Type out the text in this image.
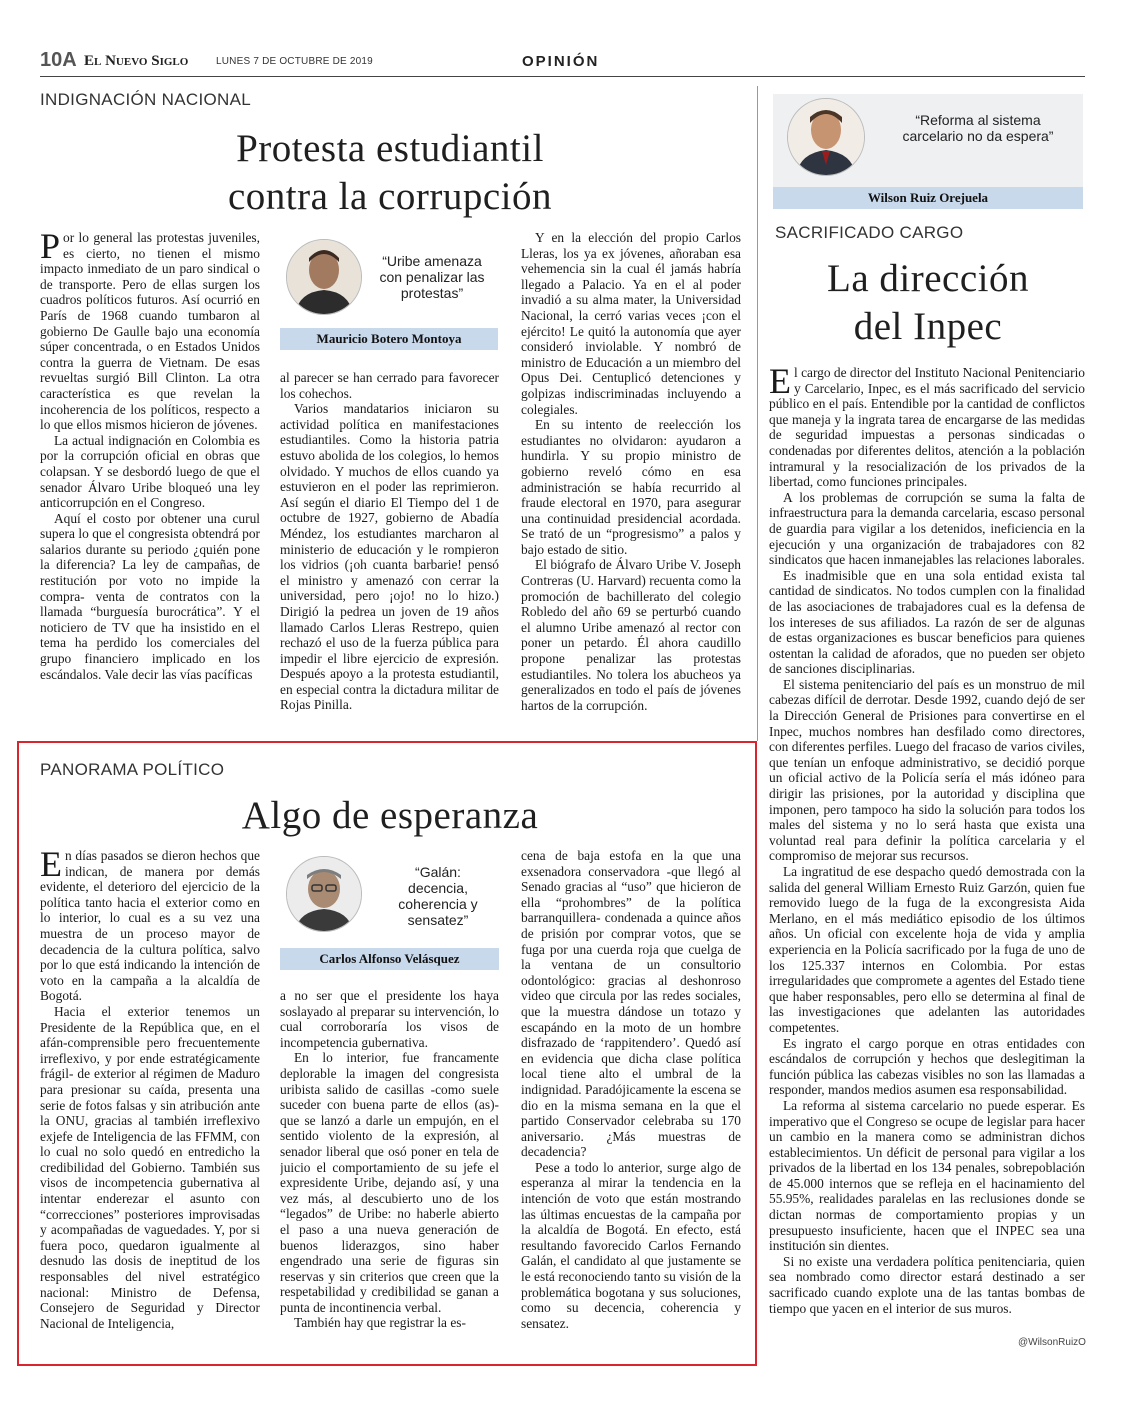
10A El Nuevo Siglo	LUNES 7 DE OCTUBRE DE 2019	OPINIÓN
INDIGNACIÓN NACIONAL
Protesta estudiantil
contra la corrupción

Por lo general las protestas juveniles, es cierto, no tienen el mismo impacto inmediato de un paro sindical o de transporte. Pero de ellas surgen los cuadros políticos futuros. Así ocurrió en París de 1968 cuando tumbaron al gobierno De Gaulle bajo una economía súper concentrada, o en Estados Unidos contra la guerra de Vietnam. De esas revueltas surgió Bill Clinton. La otra característica es que revelan la incoherencia de los políticos, respecto a lo que ellos mismos hicieron de jóvenes.

La actual indignación en Colombia es por la corrupción oficial en obras que colapsan. Y se desbordó luego de que el senador Álvaro Uribe bloqueó una ley anticorrupción en el Congreso.

Aquí el costo por obtener una curul supera lo que el congresista obtendrá por salarios durante su periodo ¿quién pone la diferencia? La ley de campañas, de restitución por voto no impide la compra- venta de contratos con la llamada “burguesía burocrática”. Y el noticiero de TV que ha insistido en el tema ha perdido los comerciales del grupo financiero implicado en los escándalos. Vale decir las vías pacíficas

“Uribe amenaza con penalizar las protestas”
Mauricio Botero Montoya

al parecer se han cerrado para favorecer los cohechos.

Varios mandatarios iniciaron su actividad política en manifestaciones estudiantiles. Como la historia patria estuvo abolida de los colegios, lo hemos olvidado. Y muchos de ellos cuando ya estuvieron en el poder las reprimieron. Así según el diario El Tiempo del 1 de octubre de 1927, gobierno de Abadía Méndez, los estudiantes marcharon al ministerio de educación y le rompieron los vidrios (¡oh cuanta barbarie! pensó el ministro y amenazó con cerrar la universidad, pero ¡ojo! no lo hizo.) Dirigió la pedrea un joven de 19 años llamado Carlos Lleras Restrepo, quien rechazó el uso de la fuerza pública para impedir el libre ejercicio de expresión. Después apoyo a la protesta estudiantil, en especial contra la dictadura militar de Rojas Pinilla.

Y en la elección del propio Carlos Lleras, los ya ex jóvenes, añoraban esa vehemencia sin la cual él jamás habría llegado a Palacio. Ya en el al poder invadió a su alma mater, la Universidad Nacional, la cerró varias veces ¡con el ejército! Le quitó la autonomía que ayer consideró inviolable. Y nombró de ministro de Educación a un miembro del Opus Dei. Centuplicó detenciones y golpizas indiscriminadas incluyendo a colegiales.

En su intento de reelección los estudiantes no olvidaron: ayudaron a hundirla. Y su propio ministro de gobierno reveló cómo en esa administración se había recurrido al fraude electoral en 1970, para asegurar una continuidad presidencial acordada. Se trató de un “progresismo” a palos y bajo estado de sitio.

El biógrafo de Álvaro Uribe V. Joseph Contreras (U. Harvard) recuenta como la promoción de bachillerato del colegio Robledo del año 69 se perturbó cuando el alumno Uribe amenazó al rector con poner un petardo. Él ahora caudillo propone penalizar las protestas estudiantiles. No tolera los abucheos ya generalizados en todo el país de jóvenes hartos de la corrupción.

“Reforma al sistema carcelario no da espera”
Wilson Ruiz Orejuela
SACRIFICADO CARGO
La dirección
del Inpec

El cargo de director del Instituto Nacional Penitenciario y Carcelario, Inpec, es el más sacrificado del servicio público en el país. Entendible por la cantidad de conflictos que maneja y la ingrata tarea de encargarse de las medidas de seguridad impuestas a personas sindicadas o condenadas por diferentes delitos, atención a la población intramural y la resocialización de los privados de la libertad, como funciones principales.

A los problemas de corrupción se suma la falta de infraestructura para la demanda carcelaria, escaso personal de guardia para vigilar a los detenidos, ineficiencia en la ejecución y una organización de trabajadores con 82 sindicatos que hacen inmanejables las relaciones laborales.

Es inadmisible que en una sola entidad exista tal cantidad de sindicatos. No todos cumplen con la finalidad de las asociaciones de trabajadores cual es la defensa de los intereses de sus afiliados. La razón de ser de algunas de estas organizaciones es buscar beneficios para quienes ostentan la calidad de aforados, que no pueden ser objeto de sanciones disciplinarias.

El sistema penitenciario del país es un monstruo de mil cabezas difícil de derrotar. Desde 1992, cuando dejó de ser la Dirección General de Prisiones para convertirse en el Inpec, muchos nombres han desfilado como directores, con diferentes perfiles. Luego del fracaso de varios civiles, que tenían un enfoque administrativo, se decidió porque un oficial activo de la Policía sería el más idóneo para dirigir las prisiones, por la autoridad y disciplina que imponen, pero tampoco ha sido la solución para todos los males del sistema y no lo será hasta que exista una voluntad real para definir la política carcelaria y el compromiso de mejorar sus recursos.

La ingratitud de ese despacho quedó demostrada con la salida del general William Ernesto Ruiz Garzón, quien fue removido luego de la fuga de la excongresista Aida Merlano, en el más mediático episodio de los últimos años. Un oficial con excelente hoja de vida y amplia experiencia en la Policía sacrificado por la fuga de uno de los 125.337 internos en Colombia. Por estas irregularidades que compromete a agentes del Estado tiene que haber responsables, pero ello se determina al final de las investigaciones que adelanten las autoridades competentes.

Es ingrato el cargo porque en otras entidades con escándalos de corrupción y hechos que deslegitiman la función pública las cabezas visibles no son las llamadas a responder, mandos medios asumen esa responsabilidad.

La reforma al sistema carcelario no puede esperar. Es imperativo que el Congreso se ocupe de legislar para hacer un cambio en la manera como se administran dichos establecimientos. Un déficit de personal para vigilar a los privados de la libertad en los 134 penales, sobrepoblación de 45.000 internos que se refleja en el hacinamiento del 55.95%, realidades paralelas en las reclusiones donde se dictan normas de comportamiento propias y un presupuesto insuficiente, hacen que el INPEC sea una institución sin dientes.

Si no existe una verdadera política penitenciaria, quien sea nombrado como director estará destinado a ser sacrificado cuando explote una de las tantas bombas de tiempo que yacen en el interior de sus muros.

@WilsonRuizO
PANORAMA POLÍTICO
Algo de esperanza

En días pasados se dieron hechos que indican, de manera por demás evidente, el deterioro del ejercicio de la política tanto hacia el exterior como en lo interior, lo cual es a su vez una muestra de un proceso mayor de decadencia de la cultura política, salvo por lo que está indicando la intención de voto en la campaña a la alcaldía de Bogotá.

Hacia el exterior tenemos un Presidente de la República que, en el afán-comprensible pero frecuentemente irreflexivo, y por ende estratégicamente frágil- de exterior al régimen de Maduro para presionar su caída, presenta una serie de fotos falsas y sin atribución ante la ONU, gracias al también irreflexivo exjefe de Inteligencia de las FFMM, con lo cual no solo quedó en entredicho la credibilidad del Gobierno. También sus visos de incompetencia gubernativa al intentar enderezar el asunto con “correcciones” posteriores improvisadas y acompañadas de vaguedades. Y, por si fuera poco, quedaron igualmente al desnudo las dosis de ineptitud de los responsables del nivel estratégico nacional: Ministro de Defensa, Consejero de Seguridad y Director Nacional de Inteligencia,

“Galán: decencia, coherencia y sensatez”
Carlos Alfonso Velásquez

a no ser que el presidente los haya soslayado al preparar su intervención, lo cual corroboraría los visos de incompetencia gubernativa.

En lo interior, fue francamente deplorable la imagen del congresista uribista salido de casillas -como suele suceder con buena parte de ellos (as)- que se lanzó a darle un empujón, en el sentido violento de la expresión, al senador liberal que osó poner en tela de juicio el comportamiento de su jefe el expresidente Uribe, dejando así, y una vez más, al descubierto uno de los “legados” de Uribe: no haberle abierto el paso a una nueva generación de buenos liderazgos, sino haber engendrado una serie de figuras sin reservas y sin criterios que creen que la respetabilidad y credibilidad se ganan a punta de incontinencia verbal.

También hay que registrar la es-

cena de baja estofa en la que una exsenadora conservadora -que llegó al Senado gracias al “uso” que hicieron de ella “prohombres” de la política barranquillera- condenada a quince años de prisión por comprar votos, que se fuga por una cuerda roja que cuelga de la ventana de un consultorio odontológico: gracias al deshonroso video que circula por las redes sociales, que la muestra dándose un totazo y escapándo en la moto de un hombre disfrazado de ‘rappitendero’. Quedó así en evidencia que dicha clase política local tiene alto el umbral de la indignidad. Paradójicamente la escena se dio en la misma semana en la que el partido Conservador celebraba su 170 aniversario. ¿Más muestras de decadencia?

Pese a todo lo anterior, surge algo de esperanza al mirar la tendencia en la intención de voto que están mostrando las últimas encuestas de la campaña por la alcaldía de Bogotá. En efecto, está resultando favorecido Carlos Fernando Galán, el candidato al que justamente se le está reconociendo tanto su visión de la problemática bogotana y sus soluciones, como su decencia, coherencia y sensatez.
